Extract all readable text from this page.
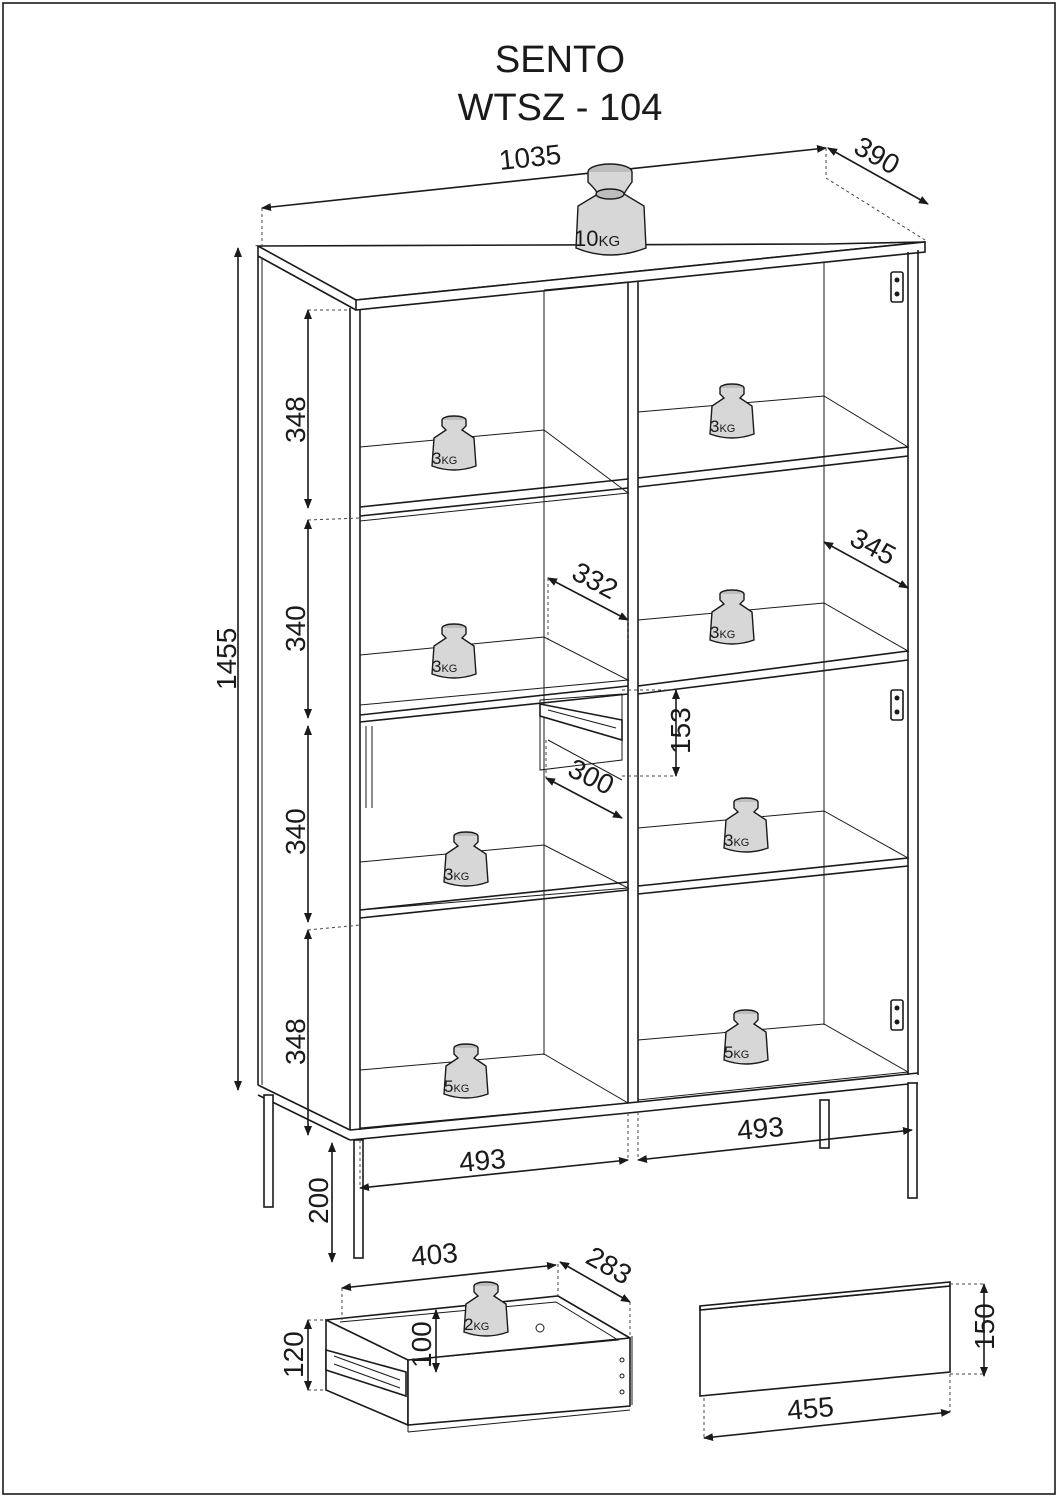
SENTO
WTSZ - 104
1035	390
1455
348
340
340
348
332
345
153
300
493
493
200
403	283
120	100	150
455
10KG
3KG
3KG
3KG
3KG
3KG
3KG
5KG
5KG
2KG
